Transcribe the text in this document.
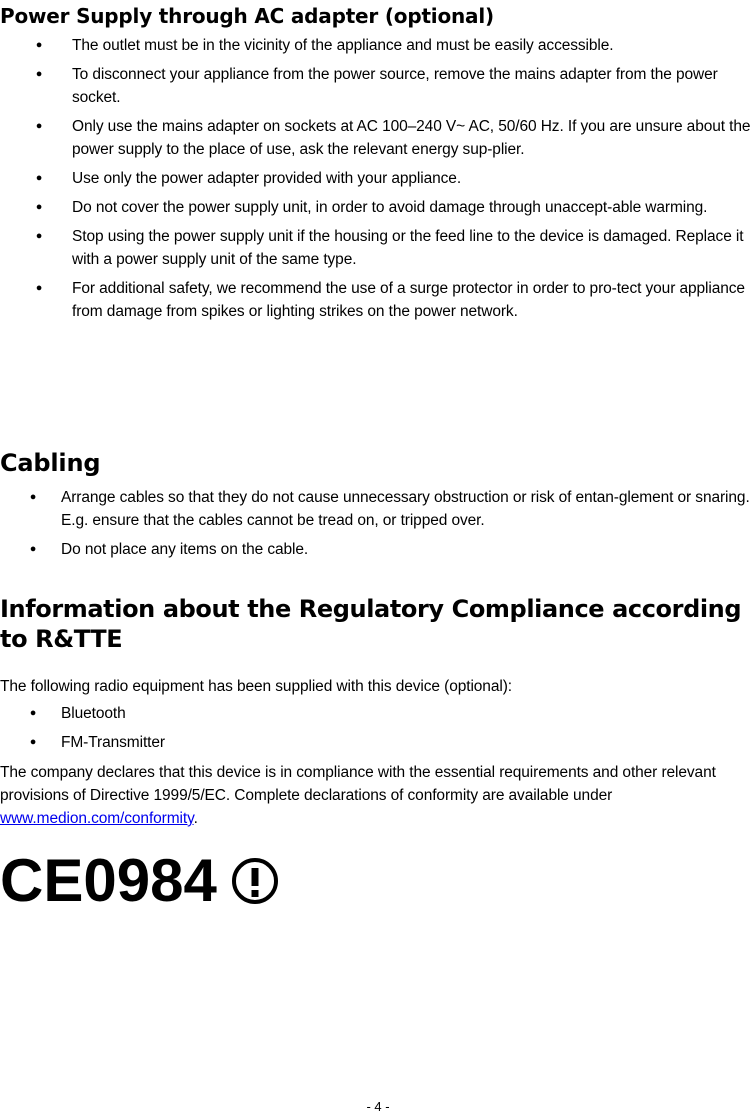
Power Supply through AC adapter (optional)
● The outlet must be in the vicinity of the appliance and must be easily accessible.
● To disconnect your appliance from the power source, remove the mains adapter from the power socket.
● Only use the mains adapter on sockets at AC 100–240 V~ AC, 50/60 Hz. If you are unsure about the power supply to the place of use, ask the relevant energy sup-plier.
● Use only the power adapter provided with your appliance.
● Do not cover the power supply unit, in order to avoid damage through unaccept-able warming.
● Stop using the power supply unit if the housing or the feed line to the device is damaged. Replace it with a power supply unit of the same type.
● For additional safety, we recommend the use of a surge protector in order to pro-tect your appliance from damage from spikes or lighting strikes on the power network.
Cabling
● Arrange cables so that they do not cause unnecessary obstruction or risk of entan-glement or snaring. E.g. ensure that the cables cannot be tread on, or tripped over.
● Do not place any items on the cable.
Information about the Regulatory Compliance according to R&TTE

The following radio equipment has been supplied with this device (optional):

● Bluetooth
● FM-Transmitter

The company declares that this device is in compliance with the essential requirements and other relevant provisions of Directive 1999/5/EC. Complete declarations of conformity are available under www.medion.com/conformity.

CE0984
- 4 -
